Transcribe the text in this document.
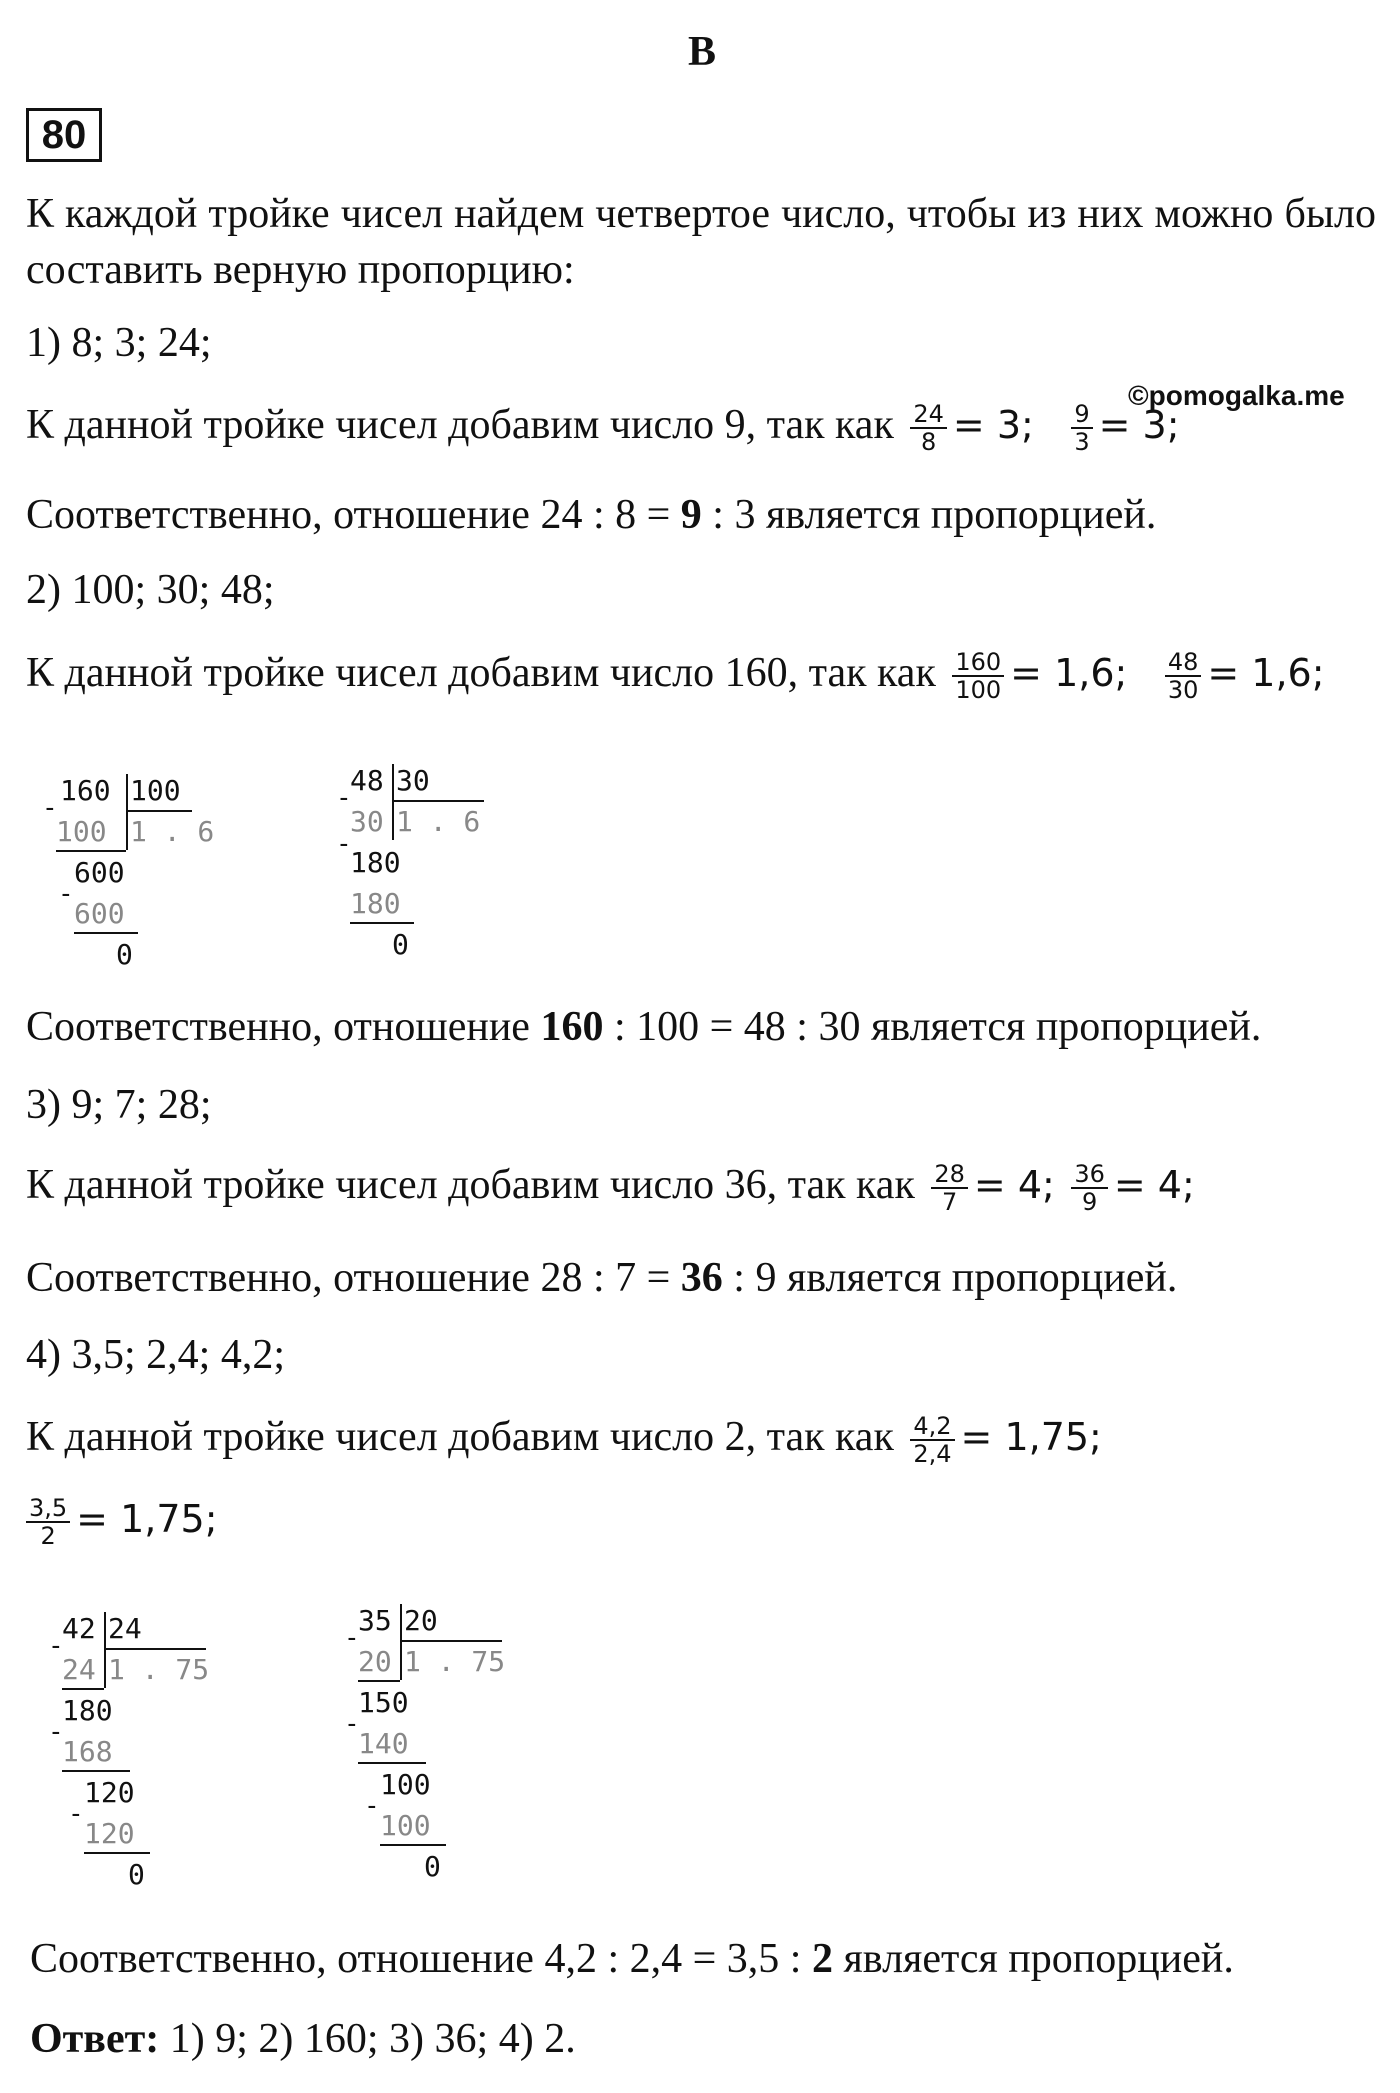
В
80
К каждой тройке чисел найдем четвертое число, чтобы из них можно было составить верную пропорцию:
©pomogalka.me
1) 8; 3; 24;
К данной тройке чисел добавим число 9, так как $\frac{24}{8} = 3$; $\frac{9}{3} = 3$;
Соответственно, отношение 24 : 8 = 9 : 3 является пропорцией.
2) 100; 30; 48;
К данной тройке чисел добавим число 160, так как $\frac{160}{100} = 1,6$; $\frac{48}{30} = 1,6$;
160 100
-
100 1 . 6
600
-
600
0
48 30
-
30 1 . 6
-
180
180
0
Соответственно, отношение 160 : 100 = 48 : 30 является пропорцией.
3) 9; 7; 28;
К данной тройке чисел добавим число 36, так как $\frac{28}{7} = 4$; $\frac{36}{9} = 4$;
Соответственно, отношение 28 : 7 = 36 : 9 является пропорцией.
4) 3,5; 2,4; 4,2;
К данной тройке чисел добавим число 2, так как $\frac{4,2}{2,4} = 1,75$;
$\frac{3,5}{2} = 1,75$;
42 24
-
24 1 . 75
180
-
168
120
-
120
0
35 20
-
20 1 . 75
150
-
140
100
-
100
0
Соответственно, отношение 4,2 : 2,4 = 3,5 : 2 является пропорцией.
Ответ: 1) 9; 2) 160; 3) 36; 4) 2.
